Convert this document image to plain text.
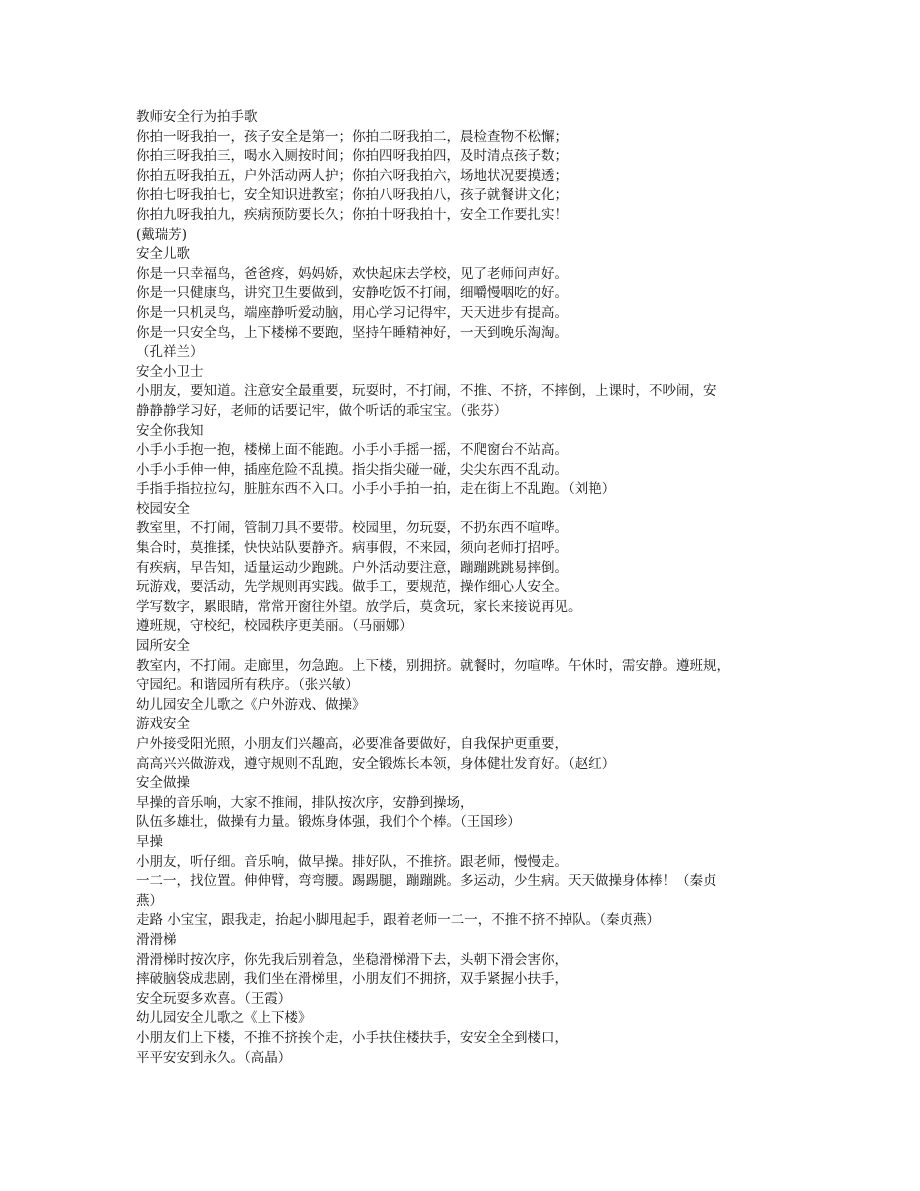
教师安全行为拍手歌
你拍一呀我拍一，孩子安全是第一；你拍二呀我拍二，晨检查物不松懈；
你拍三呀我拍三，喝水入厕按时间；你拍四呀我拍四，及时清点孩子数；
你拍五呀我拍五，户外活动两人护；你拍六呀我拍六，场地状况要摸透；
你拍七呀我拍七，安全知识进教室；你拍八呀我拍八，孩子就餐讲文化；
你拍九呀我拍九，疾病预防要长久；你拍十呀我拍十，安全工作要扎实！
(戴瑞芳)
安全儿歌
你是一只幸福鸟，爸爸疼，妈妈娇，欢快起床去学校，见了老师问声好。
你是一只健康鸟，讲究卫生要做到，安静吃饭不打闹，细嚼慢咽吃的好。
你是一只机灵鸟，端座静听爱动脑，用心学习记得牢，天天进步有提高。
你是一只安全鸟，上下楼梯不要跑，坚持午睡精神好，一天到晚乐淘淘。
（孔祥兰）
安全小卫士
小朋友，要知道。注意安全最重要，玩耍时，不打闹，不推、不挤，不摔倒，上课时，不吵闹，安
静静静学习好，老师的话要记牢，做个听话的乖宝宝。（张芬）
安全你我知
小手小手抱一抱，楼梯上面不能跑。小手小手摇一摇，不爬窗台不站高。
小手小手伸一伸，插座危险不乱摸。指尖指尖碰一碰，尖尖东西不乱动。
手指手指拉拉勾，脏脏东西不入口。小手小手拍一拍，走在街上不乱跑。（刘艳）
校园安全
教室里，不打闹，管制刀具不要带。校园里，勿玩耍，不扔东西不喧哗。
集合时，莫推揉，快快站队要静齐。病事假，不来园，须向老师打招呼。
有疾病，早告知，适量运动少跑跳。户外活动要注意，蹦蹦跳跳易摔倒。
玩游戏，要活动，先学规则再实践。做手工，要规范，操作细心人安全。
学写数字，累眼睛，常常开窗往外望。放学后，莫贪玩，家长来接说再见。
遵班规，守校纪，校园秩序更美丽。（马丽娜）
园所安全
教室内，不打闹。走廊里，勿急跑。上下楼，别拥挤。就餐时，勿喧哗。午休时，需安静。遵班规，
守园纪。和谐园所有秩序。（张兴敏）
幼儿园安全儿歌之《户外游戏、做操》
游戏安全
户外接受阳光照，小朋友们兴趣高，必要准备要做好，自我保护更重要，
高高兴兴做游戏，遵守规则不乱跑，安全锻炼长本领，身体健壮发育好。（赵红）
安全做操
早操的音乐响，大家不推闹，排队按次序，安静到操场，
队伍多雄壮，做操有力量。锻炼身体强，我们个个棒。（王国珍）
早操
小朋友，听仔细。音乐响，做早操。排好队，不推挤。跟老师，慢慢走。
一二一，找位置。伸伸臂，弯弯腰。踢踢腿，蹦蹦跳。多运动，少生病。天天做操身体棒！（秦贞
燕）
走路 小宝宝，跟我走，抬起小脚甩起手，跟着老师一二一，不推不挤不掉队。（秦贞燕）
滑滑梯
滑滑梯时按次序，你先我后别着急，坐稳滑梯滑下去，头朝下滑会害你，
摔破脑袋成悲剧，我们坐在滑梯里，小朋友们不拥挤，双手紧握小扶手，
安全玩耍多欢喜。（王霞）
幼儿园安全儿歌之《上下楼》
小朋友们上下楼，不推不挤挨个走，小手扶住楼扶手，安安全全到楼口，
平平安安到永久。（高晶）
